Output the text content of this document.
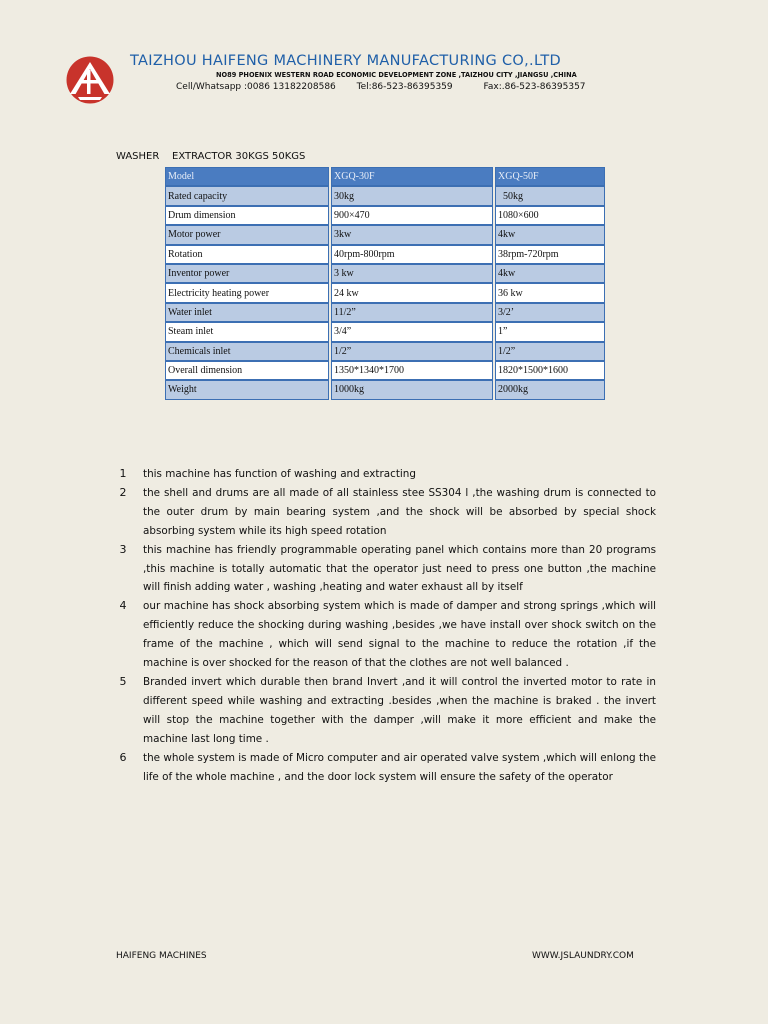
TAIZHOU HAIFENG MACHINERY MANUFACTURING CO,.LTD
NO89 PHOENIX WESTERN ROAD ECONOMIC DEVELOPMENT ZONE ,TAIZHOU CITY ,JIANGSU ,CHINA
Cell/Whatsapp :0086 13182208586 Tel:86-523-86395359	Fax:.86-523-86395357
WASHER    EXTRACTOR 30KGS 50KGS
Model	XGQ-30F	XGQ-50F
Rated capacity	30kg	50kg
Drum dimension	900×470	1080×600
Motor power	3kw	4kw
Rotation	40rpm-800rpm	38rpm-720rpm
Inventor power	3 kw	4kw
Electricity heating power	24 kw	36 kw
Water inlet	11/2”	3/2’
Steam inlet	3/4”	1”
Chemicals inlet	1/2”	1/2”
Overall dimension	1350*1340*1700	1820*1500*1600
Weight	1000kg	2000kg
1	this machine has function of washing and extracting
2	the shell and drums are all made of all stainless stee SS304 l ,the washing drum is connected to the outer drum by main bearing system ,and the shock will be absorbed by special shock absorbing system while its high speed rotation
3	this machine has friendly programmable operating panel which contains more than 20 programs ,this machine is totally automatic that the operator just need to press one button ,the machine will finish adding water , washing ,heating and water exhaust all by itself
4	our machine has shock absorbing system which is made of damper and strong springs ,which will efficiently reduce the shocking during washing ,besides ,we have install over shock switch on the frame of the machine , which will send signal to the machine to reduce the rotation ,if the machine is over shocked for the reason of that the clothes are not well balanced .
5	Branded invert which durable then brand Invert ,and it will control the inverted motor to rate in different speed while washing and extracting .besides ,when the machine is braked . the invert will stop the machine together with the damper ,will make it more efficient and make the machine last long time .
6	the whole system is made of Micro computer and air operated valve system ,which will enlong the life of the whole machine , and the door lock system will ensure the safety of the operator
HAIFENG MACHINES	WWW.JSLAUNDRY.COM
